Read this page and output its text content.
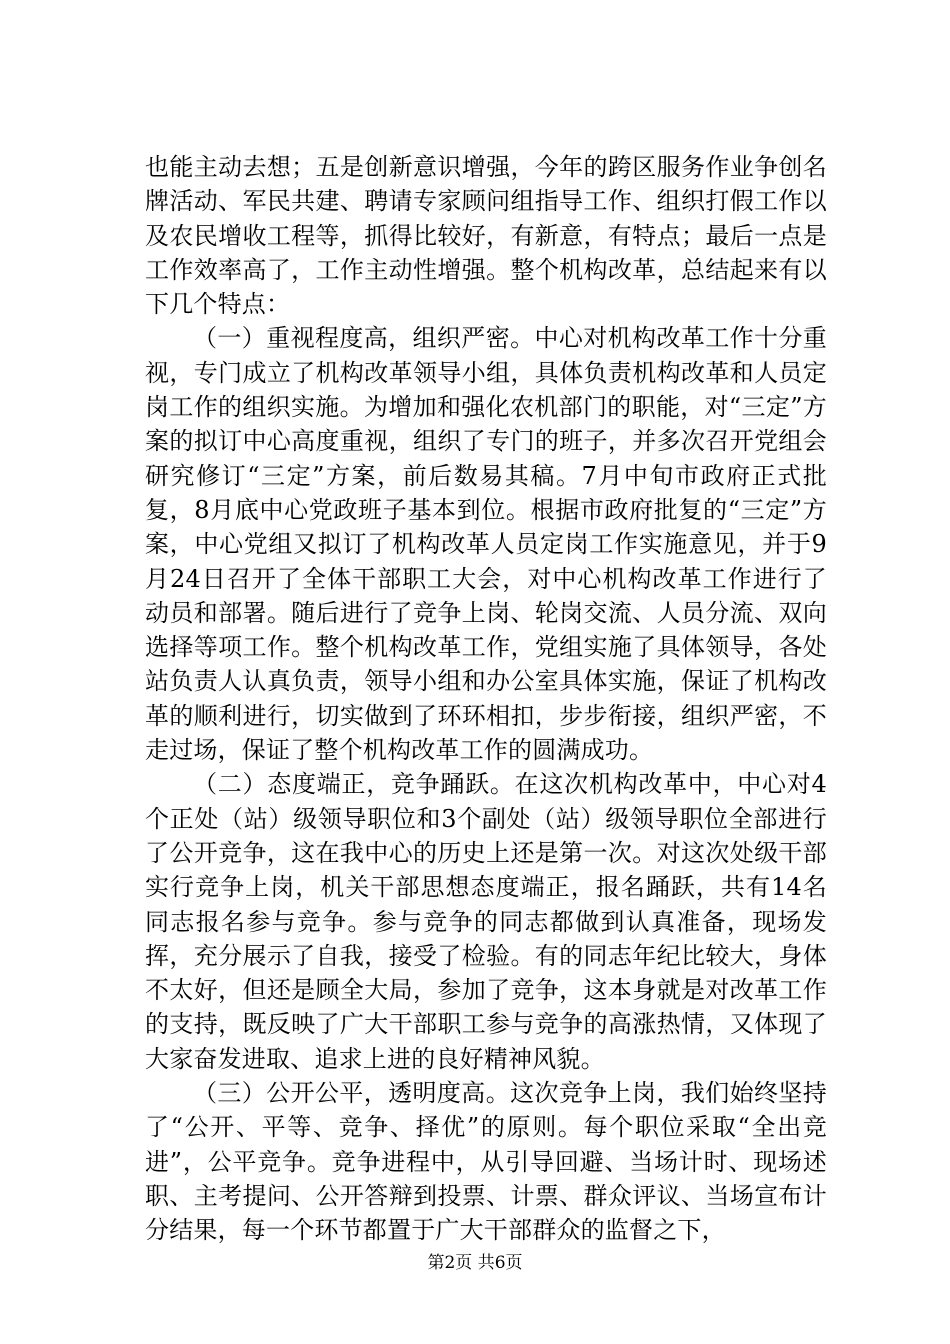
也能主动去想；五是创新意识增强，今年的跨区服务作业争创名牌活动、军民共建、聘请专家顾问组指导工作、组织打假工作以及农民增收工程等，抓得比较好，有新意，有特点；最后一点是工作效率高了，工作主动性增强。整个机构改革，总结起来有以下几个特点：

（一）重视程度高，组织严密。中心对机构改革工作十分重视，专门成立了机构改革领导小组，具体负责机构改革和人员定岗工作的组织实施。为增加和强化农机部门的职能，对“三定”方案的拟订中心高度重视，组织了专门的班子，并多次召开党组会研究修订“三定”方案，前后数易其稿。7月中旬市政府正式批复，8月底中心党政班子基本到位。根据市政府批复的“三定”方案，中心党组又拟订了机构改革人员定岗工作实施意见，并于9月24日召开了全体干部职工大会，对中心机构改革工作进行了动员和部署。随后进行了竞争上岗、轮岗交流、人员分流、双向选择等项工作。整个机构改革工作，党组实施了具体领导，各处站负责人认真负责，领导小组和办公室具体实施，保证了机构改革的顺利进行，切实做到了环环相扣，步步衔接，组织严密，不走过场，保证了整个机构改革工作的圆满成功。

（二）态度端正，竞争踊跃。在这次机构改革中，中心对4个正处（站）级领导职位和3个副处（站）级领导职位全部进行了公开竞争，这在我中心的历史上还是第一次。对这次处级干部实行竞争上岗，机关干部思想态度端正，报名踊跃，共有14名同志报名参与竞争。参与竞争的同志都做到认真准备，现场发挥，充分展示了自我，接受了检验。有的同志年纪比较大，身体不太好，但还是顾全大局，参加了竞争，这本身就是对改革工作的支持，既反映了广大干部职工参与竞争的高涨热情，又体现了大家奋发进取、追求上进的良好精神风貌。

（三）公开公平，透明度高。这次竞争上岗，我们始终坚持了“公开、平等、竞争、择优”的原则。每个职位采取“全出竞进”，公平竞争。竞争进程中，从引导回避、当场计时、现场述职、主考提问、公开答辩到投票、计票、群众评议、当场宣布计分结果，每一个环节都置于广大干部群众的监督之下，

第2页 共6页
